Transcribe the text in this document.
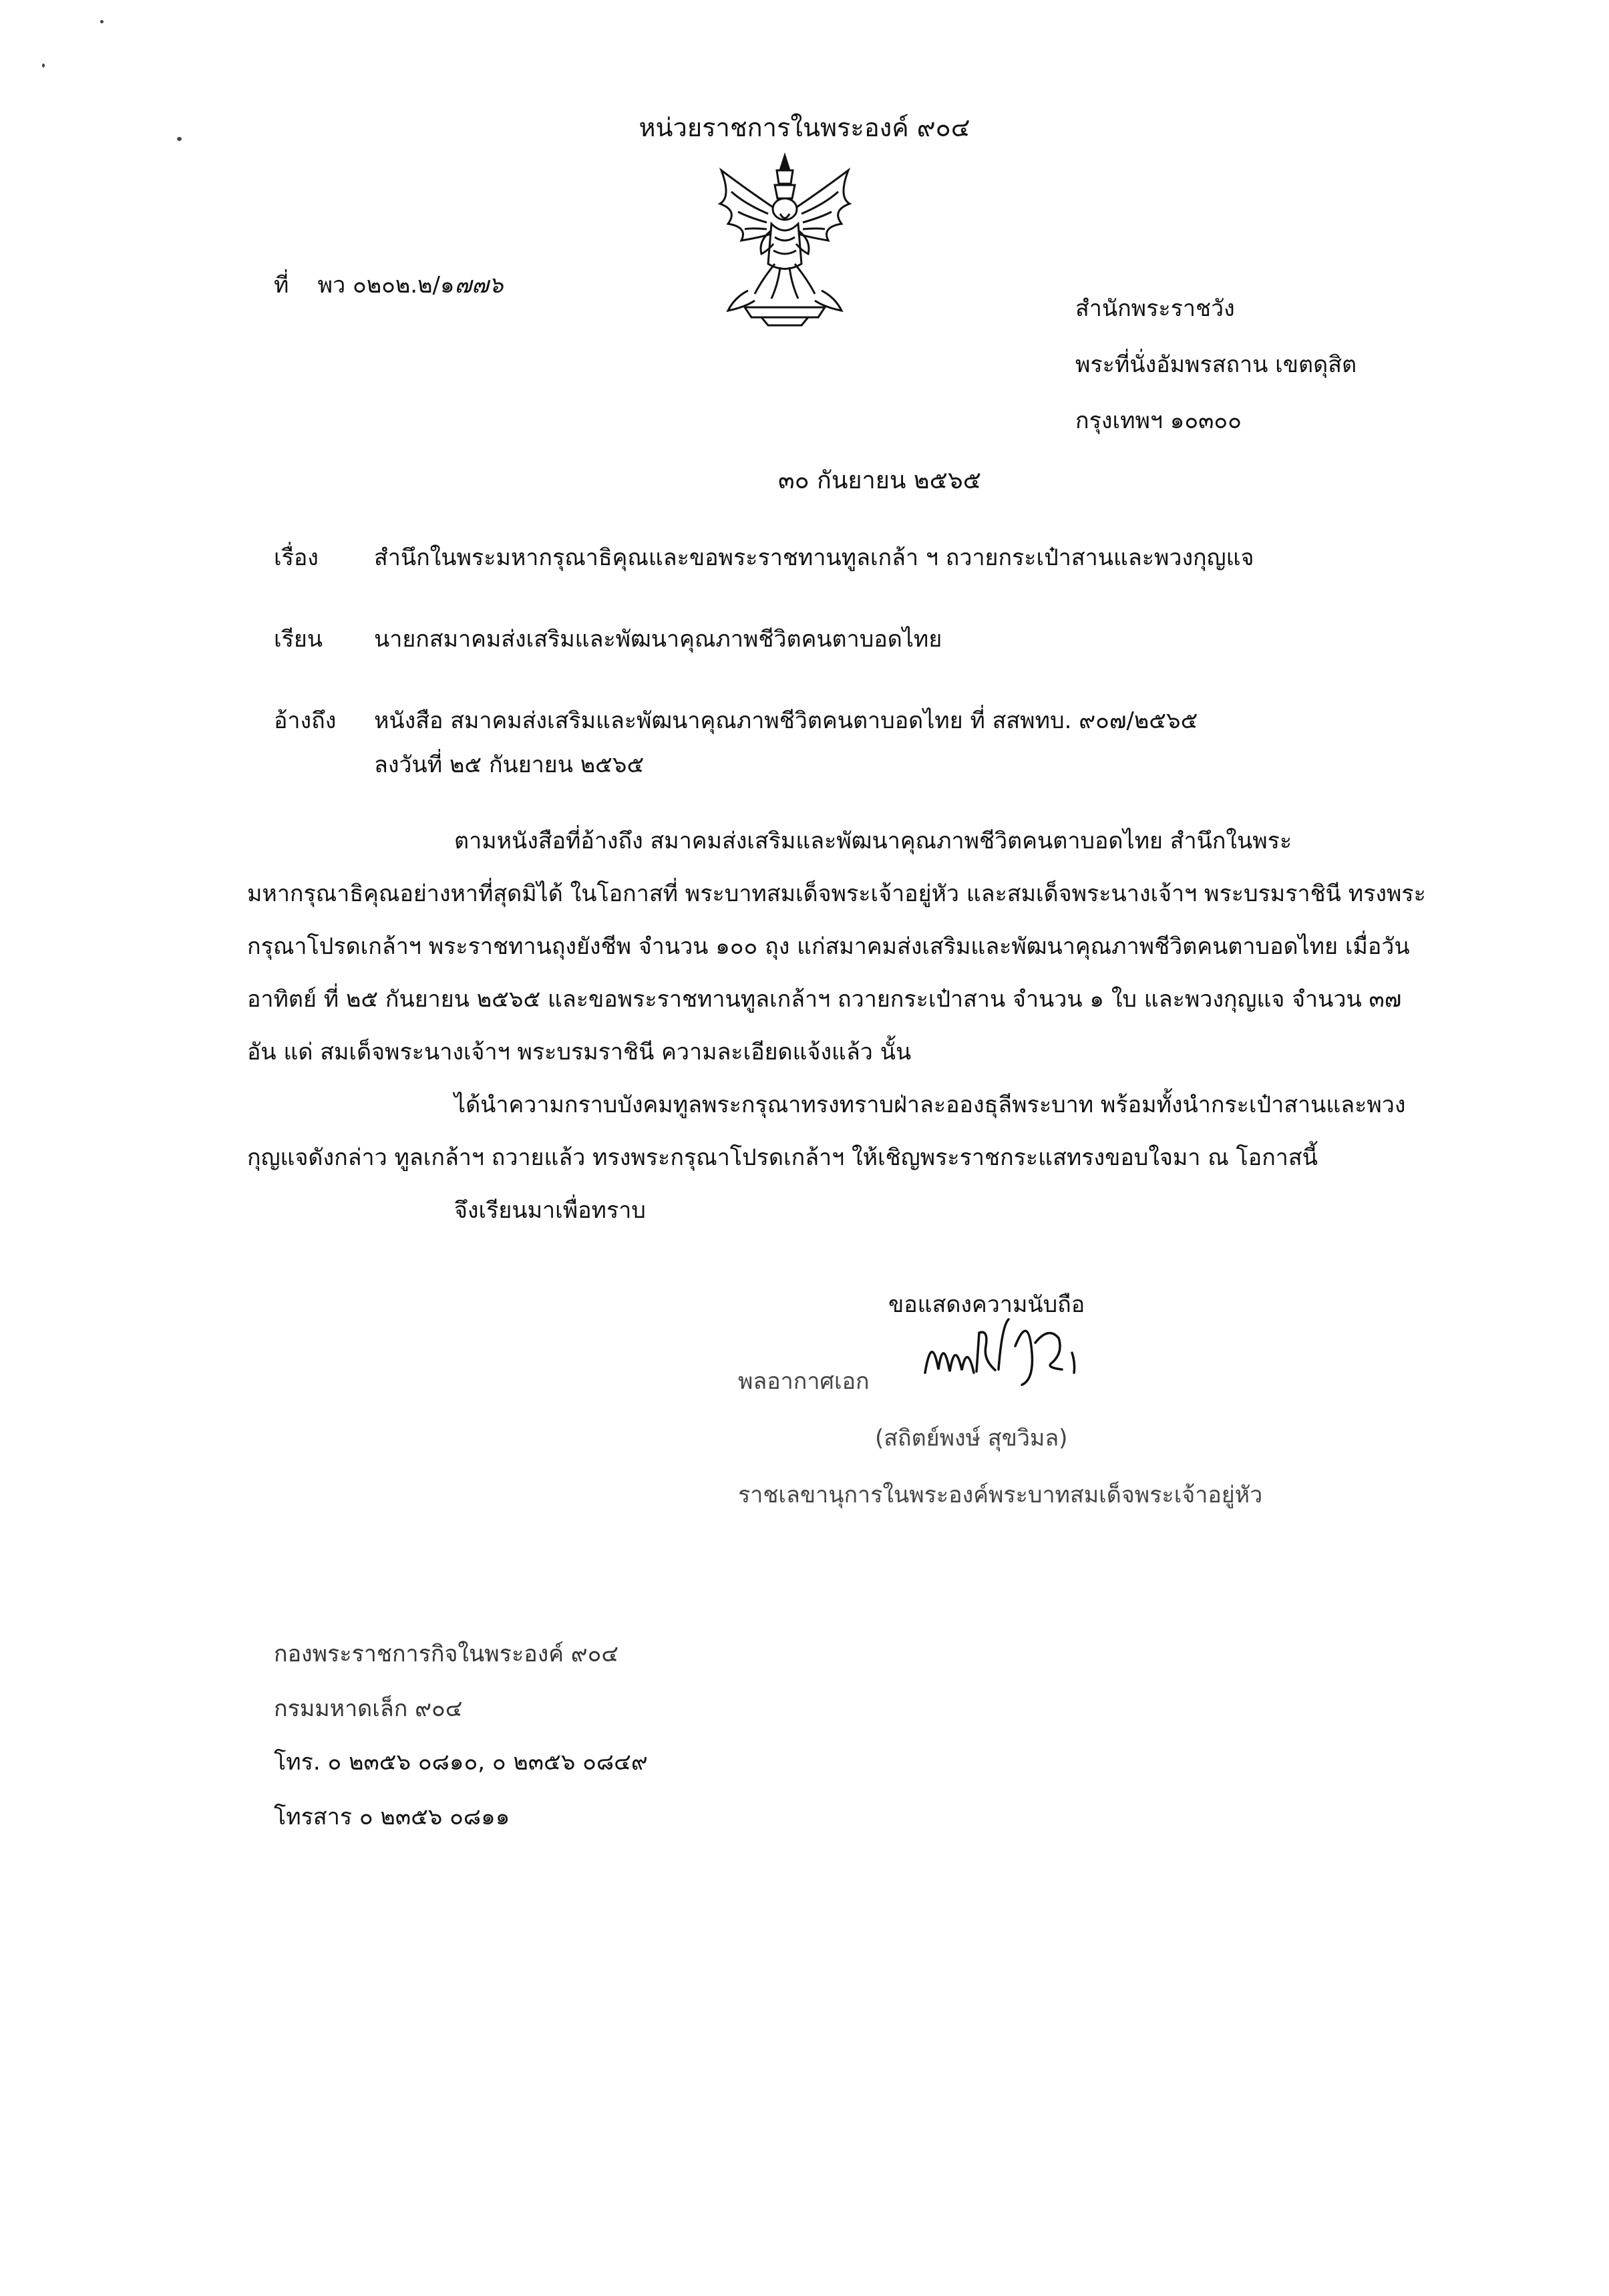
หน่วยราชการในพระองค์ ๙๐๔
ที่ พว ๐๒๐๒.๒/๑๗๗๖
สำนักพระราชวัง
พระที่นั่งอัมพรสถาน เขตดุสิต
กรุงเทพฯ ๑๐๓๐๐
๓๐ กันยายน ๒๕๖๕
เรื่อง สำนึกในพระมหากรุณาธิคุณและขอพระราชทานทูลเกล้า ฯ ถวายกระเป๋าสานและพวงกุญแจ
เรียน นายกสมาคมส่งเสริมและพัฒนาคุณภาพชีวิตคนตาบอดไทย
อ้างถึง หนังสือ สมาคมส่งเสริมและพัฒนาคุณภาพชีวิตคนตาบอดไทย ที่ สสพทบ. ๙๐๗/๒๕๖๕
ลงวันที่ ๒๕ กันยายน ๒๕๖๕

ตามหนังสือที่อ้างถึง สมาคมส่งเสริมและพัฒนาคุณภาพชีวิตคนตาบอดไทย สำนึกในพระมหากรุณาธิคุณอย่างหาที่สุดมิได้ ในโอกาสที่ พระบาทสมเด็จพระเจ้าอยู่หัว และสมเด็จพระนางเจ้าฯ พระบรมราชินี ทรงพระกรุณาโปรดเกล้าฯ พระราชทานถุงยังชีพ จำนวน ๑๐๐ ถุง แก่สมาคมส่งเสริมและพัฒนาคุณภาพชีวิตคนตาบอดไทย เมื่อวันอาทิตย์ ที่ ๒๕ กันยายน ๒๕๖๕ และขอพระราชทานทูลเกล้าฯ ถวายกระเป๋าสาน จำนวน ๑ ใบ และพวงกุญแจ จำนวน ๓๗ อัน แด่ สมเด็จพระนางเจ้าฯ พระบรมราชินี ความละเอียดแจ้งแล้ว นั้น

ได้นำความกราบบังคมทูลพระกรุณาทรงทราบฝ่าละอองธุลีพระบาท พร้อมทั้งนำกระเป๋าสานและพวงกุญแจดังกล่าว ทูลเกล้าฯ ถวายแล้ว ทรงพระกรุณาโปรดเกล้าฯ ให้เชิญพระราชกระแสทรงขอบใจมา ณ โอกาสนี้

จึงเรียนมาเพื่อทราบ

ขอแสดงความนับถือ
พลอากาศเอก
(สถิตย์พงษ์ สุขวิมล)
ราชเลขานุการในพระองค์พระบาทสมเด็จพระเจ้าอยู่หัว
กองพระราชการกิจในพระองค์ ๙๐๔
กรมมหาดเล็ก ๙๐๔
โทร. ๐ ๒๓๕๖ ๐๘๑๐, ๐ ๒๓๕๖ ๐๘๔๙
โทรสาร ๐ ๒๓๕๖ ๐๘๑๑
